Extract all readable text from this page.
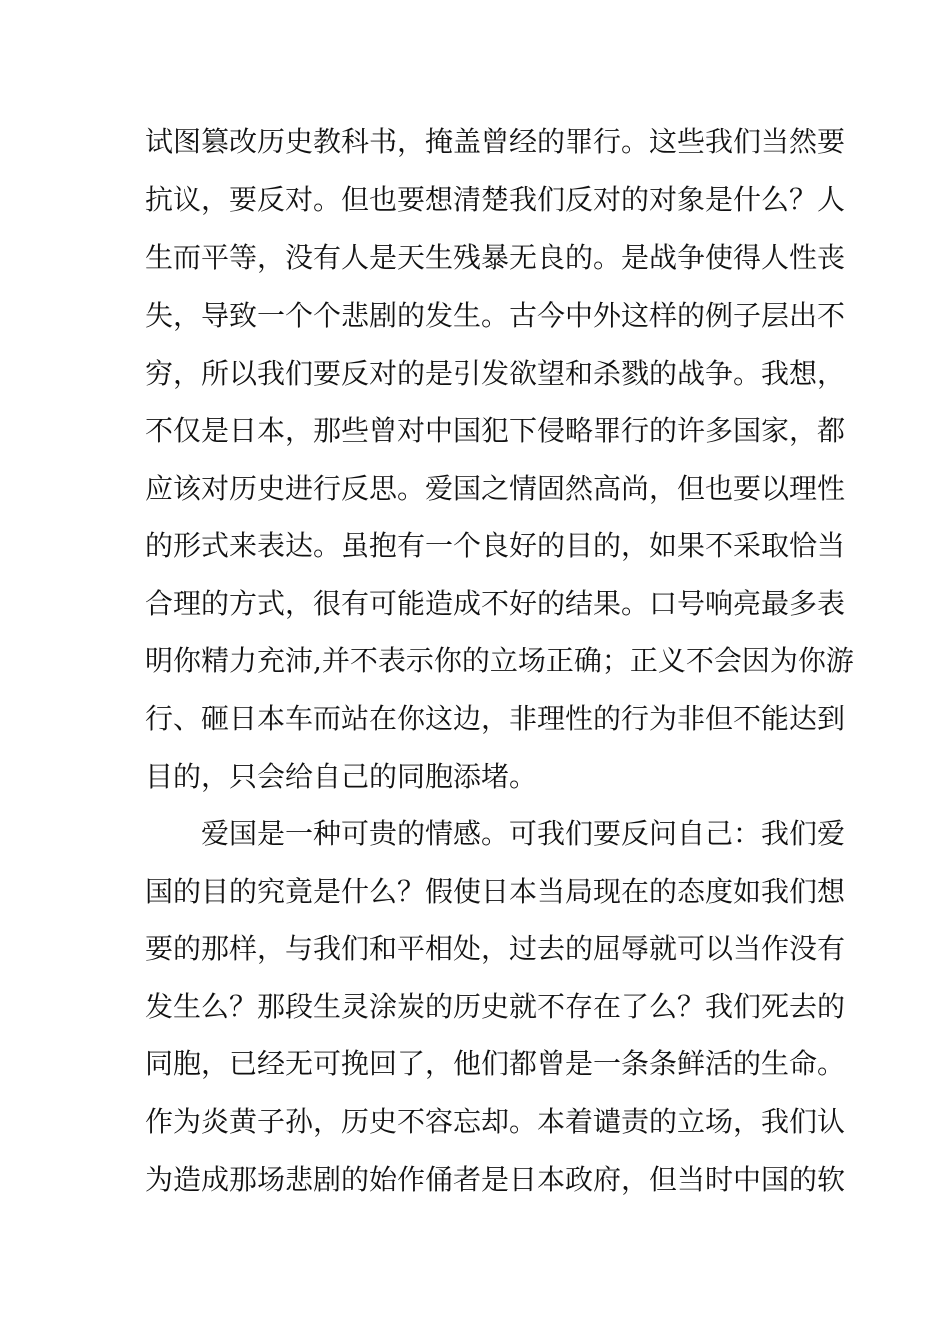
试图篡改历史教科书，掩盖曾经的罪行。这些我们当然要

抗议，要反对。但也要想清楚我们反对的对象是什么？人

生而平等，没有人是天生残暴无良的。是战争使得人性丧

失，导致一个个悲剧的发生。古今中外这样的例子层出不

穷，所以我们要反对的是引发欲望和杀戮的战争。我想，

不仅是日本，那些曾对中国犯下侵略罪行的许多国家，都

应该对历史进行反思。爱国之情固然高尚，但也要以理性

的形式来表达。虽抱有一个良好的目的，如果不采取恰当

合理的方式，很有可能造成不好的结果。口号响亮最多表

明你精力充沛,并不表示你的立场正确；正义不会因为你游

行、砸日本车而站在你这边，非理性的行为非但不能达到

目的，只会给自己的同胞添堵。

爱国是一种可贵的情感。可我们要反问自己：我们爱

国的目的究竟是什么？假使日本当局现在的态度如我们想

要的那样，与我们和平相处，过去的屈辱就可以当作没有

发生么？那段生灵涂炭的历史就不存在了么？我们死去的

同胞，已经无可挽回了，他们都曾是一条条鲜活的生命。

作为炎黄子孙，历史不容忘却。本着谴责的立场，我们认

为造成那场悲剧的始作俑者是日本政府，但当时中国的软
